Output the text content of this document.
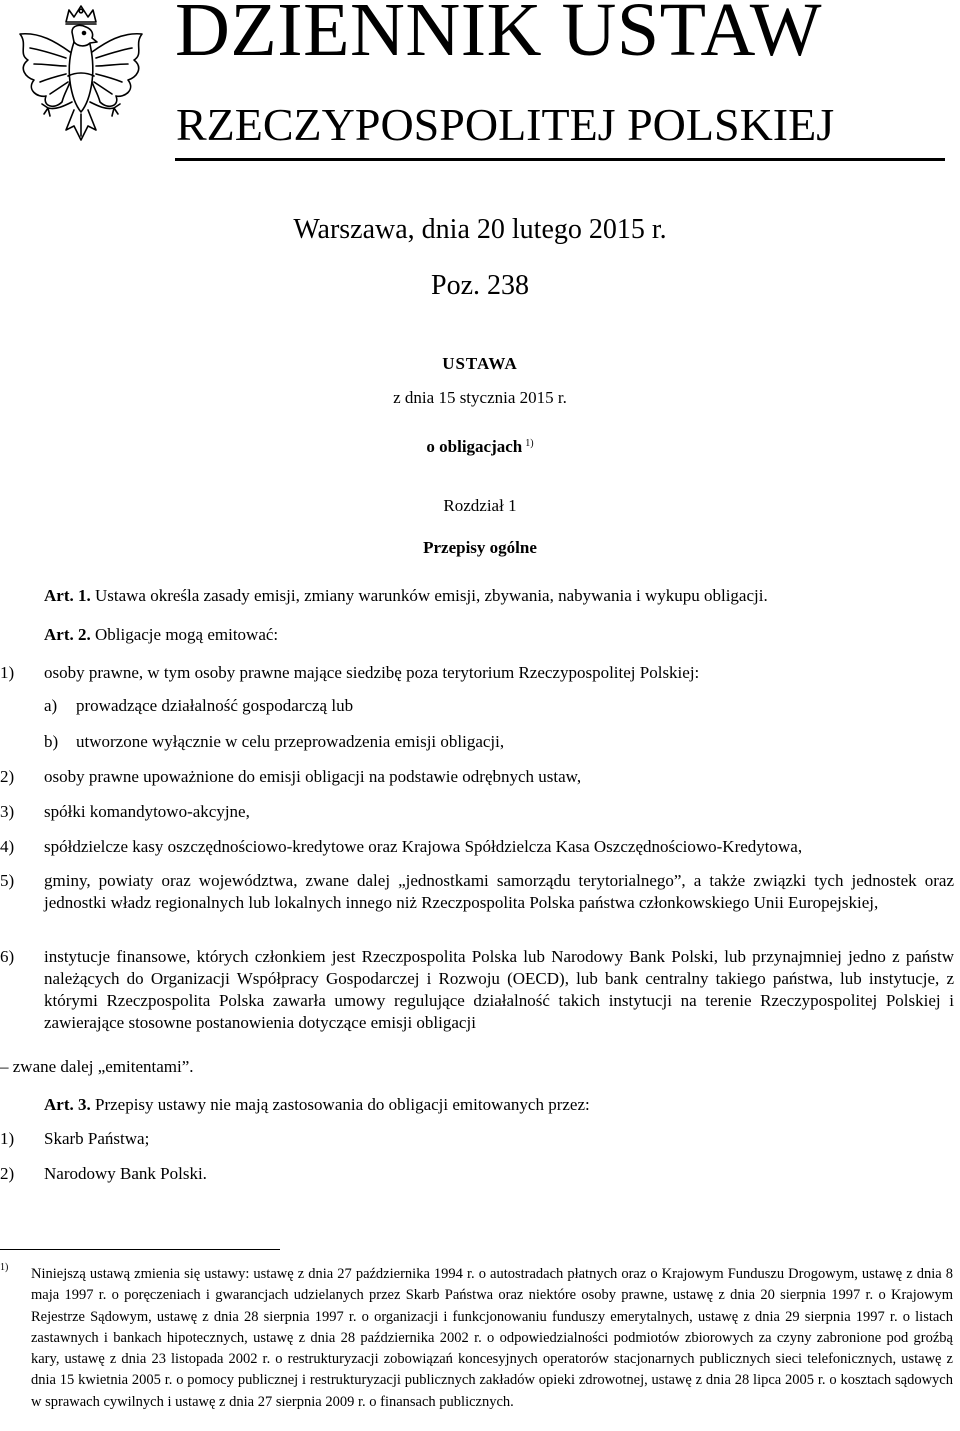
DZIENNIK USTAW
RZECZYPOSPOLITEJ POLSKIEJ
Warszawa, dnia 20 lutego 2015 r.
Poz. 238
USTAWA
z dnia 15 stycznia 2015 r.
o obligacjach $^{1)}$
Rozdział 1
Przepisy ogólne
Art. 1. Ustawa określa zasady emisji, zmiany warunków emisji, zbywania, nabywania i wykupu obligacji.
Art. 2. Obligacje mogą emitować:
1) osoby prawne, w tym osoby prawne mające siedzibę poza terytorium Rzeczypospolitej Polskiej:
a) prowadzące działalność gospodarczą lub
b) utworzone wyłącznie w celu przeprowadzenia emisji obligacji,
2) osoby prawne upoważnione do emisji obligacji na podstawie odrębnych ustaw,
3) spółki komandytowo-akcyjne,
4) spółdzielcze kasy oszczędnościowo-kredytowe oraz Krajowa Spółdzielcza Kasa Oszczędnościowo-Kredytowa,
5) gminy, powiaty oraz województwa, zwane dalej „jednostkami samorządu terytorialnego”, a także związki tych jednostek oraz jednostki władz regionalnych lub lokalnych innego niż Rzeczpospolita Polska państwa członkowskiego Unii Europejskiej,
6) instytucje finansowe, których członkiem jest Rzeczpospolita Polska lub Narodowy Bank Polski, lub przynajmniej jedno z państw należących do Organizacji Współpracy Gospodarczej i Rozwoju (OECD), lub bank centralny takiego państwa, lub instytucje, z którymi Rzeczpospolita Polska zawarła umowy regulujące działalność takich instytucji na terenie Rzeczypospolitej Polskiej i zawierające stosowne postanowienia dotyczące emisji obligacji
– zwane dalej „emitentami”.
Art. 3. Przepisy ustawy nie mają zastosowania do obligacji emitowanych przez:
1) Skarb Państwa;
2) Narodowy Bank Polski.
1) Niniejszą ustawą zmienia się ustawy: ustawę z dnia 27 października 1994 r. o autostradach płatnych oraz o Krajowym Funduszu Drogowym, ustawę z dnia 8 maja 1997 r. o poręczeniach i gwarancjach udzielanych przez Skarb Państwa oraz niektóre osoby prawne, ustawę z dnia 20 sierpnia 1997 r. o Krajowym Rejestrze Sądowym, ustawę z dnia 28 sierpnia 1997 r. o organizacji i funkcjonowaniu funduszy emerytalnych, ustawę z dnia 29 sierpnia 1997 r. o listach zastawnych i bankach hipotecznych, ustawę z dnia 28 października 2002 r. o odpowiedzialności podmiotów zbiorowych za czyny zabronione pod groźbą kary, ustawę z dnia 23 listopada 2002 r. o restrukturyzacji zobowiązań koncesyjnych operatorów stacjonarnych publicznych sieci telefonicznych, ustawę z dnia 15 kwietnia 2005 r. o pomocy publicznej i restrukturyzacji publicznych zakładów opieki zdrowotnej, ustawę z dnia 28 lipca 2005 r. o kosztach sądowych w sprawach cywilnych i ustawę z dnia 27 sierpnia 2009 r. o finansach publicznych.
